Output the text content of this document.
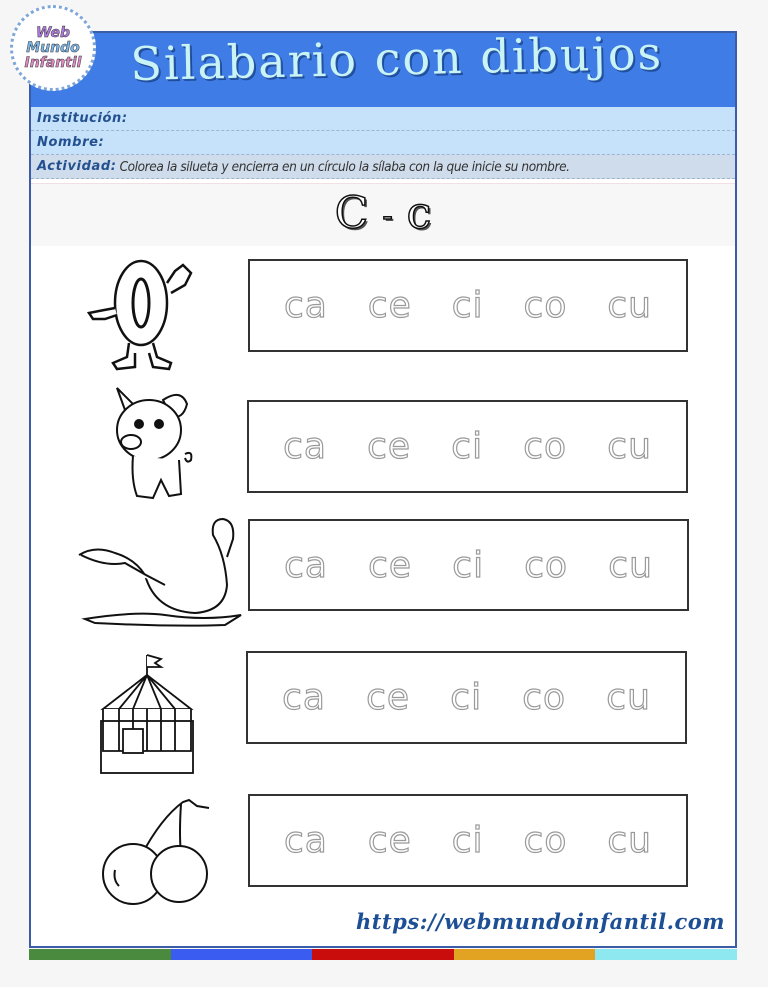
Web
Mundo
Infantil Silabario con dibujos
Institución:
Nombre:
Actividad: Colorea la silueta y encierra en un círculo la sílaba con la que inicie su nombre.
C - c
ca ce ci co cu
ca ce ci co cu
ca ce ci co cu
ca ce ci co cu
ca ce ci co cu
https://webmundoinfantil.com
